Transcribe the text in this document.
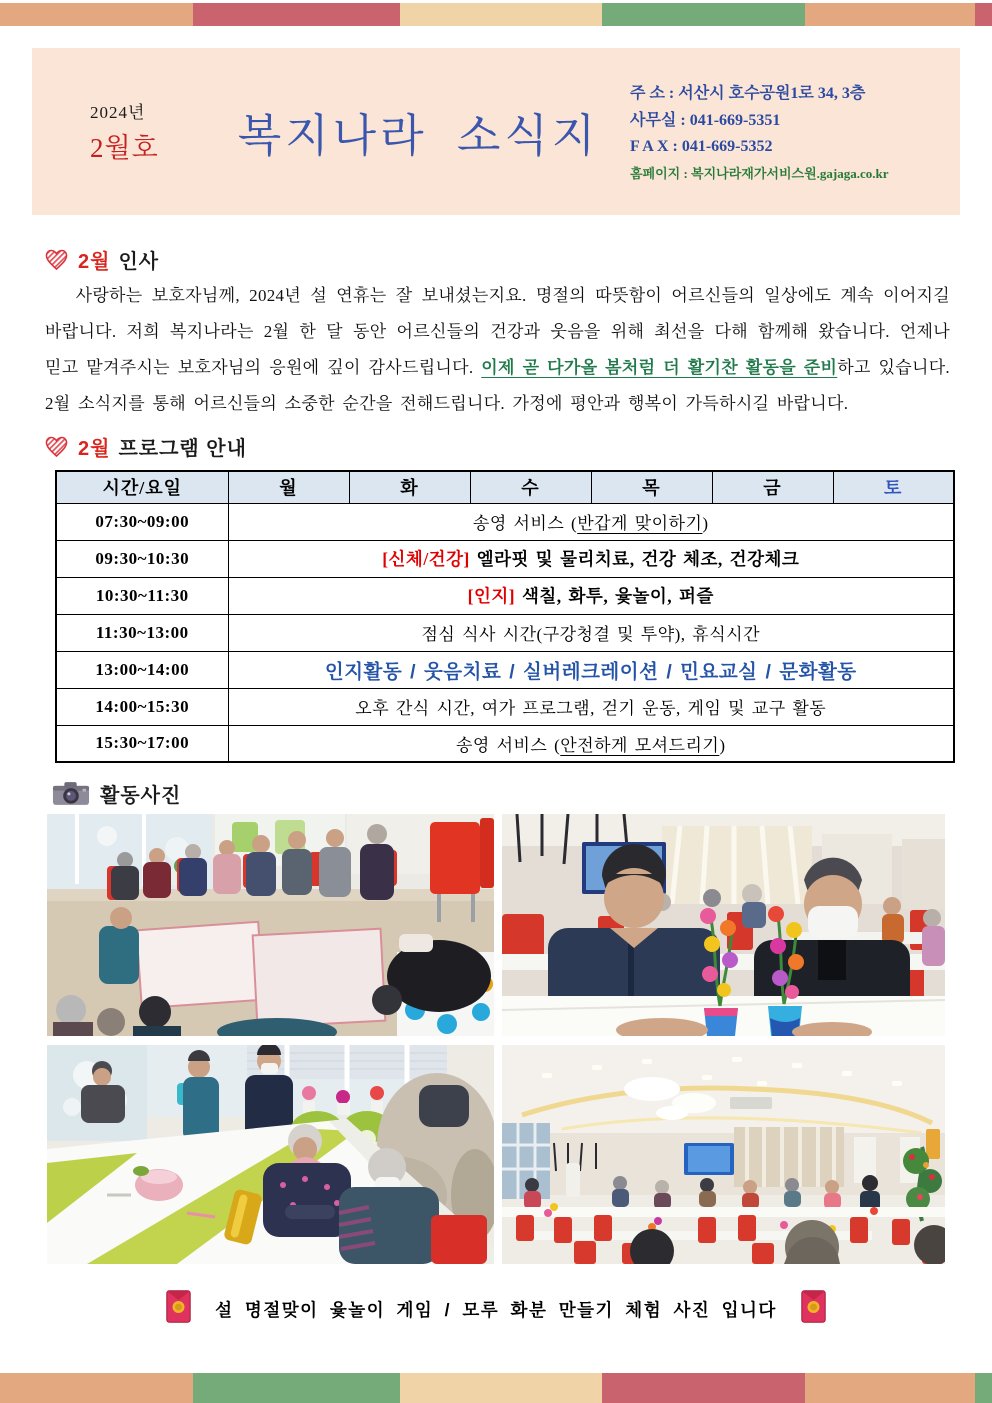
2024년
2월호	복지나라 소식지
주 소 : 서산시 호수공원1로 34, 3층
사무실 : 041-669-5351
F A X : 041-669-5352
홈페이지 : 복지나라재가서비스원.gajaga.co.kr
2월 인사

사랑하는 보호자님께, 2024년 설 연휴는 잘 보내셨는지요. 명절의 따뜻함이 어르신들의 일상에도 계속 이어지길 바랍니다. 저희 복지나라는 2월 한 달 동안 어르신들의 건강과 웃음을 위해 최선을 다해 함께해 왔습니다. 언제나 믿고 맡겨주시는 보호자님의 응원에 깊이 감사드립니다. 이제 곧 다가올 봄처럼 더 활기찬 활동을 준비하고 있습니다. 2월 소식지를 통해 어르신들의 소중한 순간을 전해드립니다. 가정에 평안과 행복이 가득하시길 바랍니다.

2월 프로그램 안내
시간/요일	월	화	수	목	금	토
07:30~09:00	송영 서비스 (반갑게 맞이하기)					
09:30~10:30	[신체/건강] 엘라핏 및 물리치료, 건강 체조, 건강체크					
10:30~11:30	[인지] 색칠, 화투, 윷놀이, 퍼즐					
11:30~13:00	점심 식사 시간(구강청결 및 투약), 휴식시간					
13:00~14:00	인지활동 / 웃음치료 / 실버레크레이션 / 민요교실 / 문화활동					
14:00~15:30	오후 간식 시간, 여가 프로그램, 걷기 운동, 게임 및 교구 활동					
15:30~17:00	송영 서비스 (안전하게 모셔드리기)					
활동사진
설 명절맞이 윷놀이 게임 / 모루 화분 만들기 체험 사진 입니다
